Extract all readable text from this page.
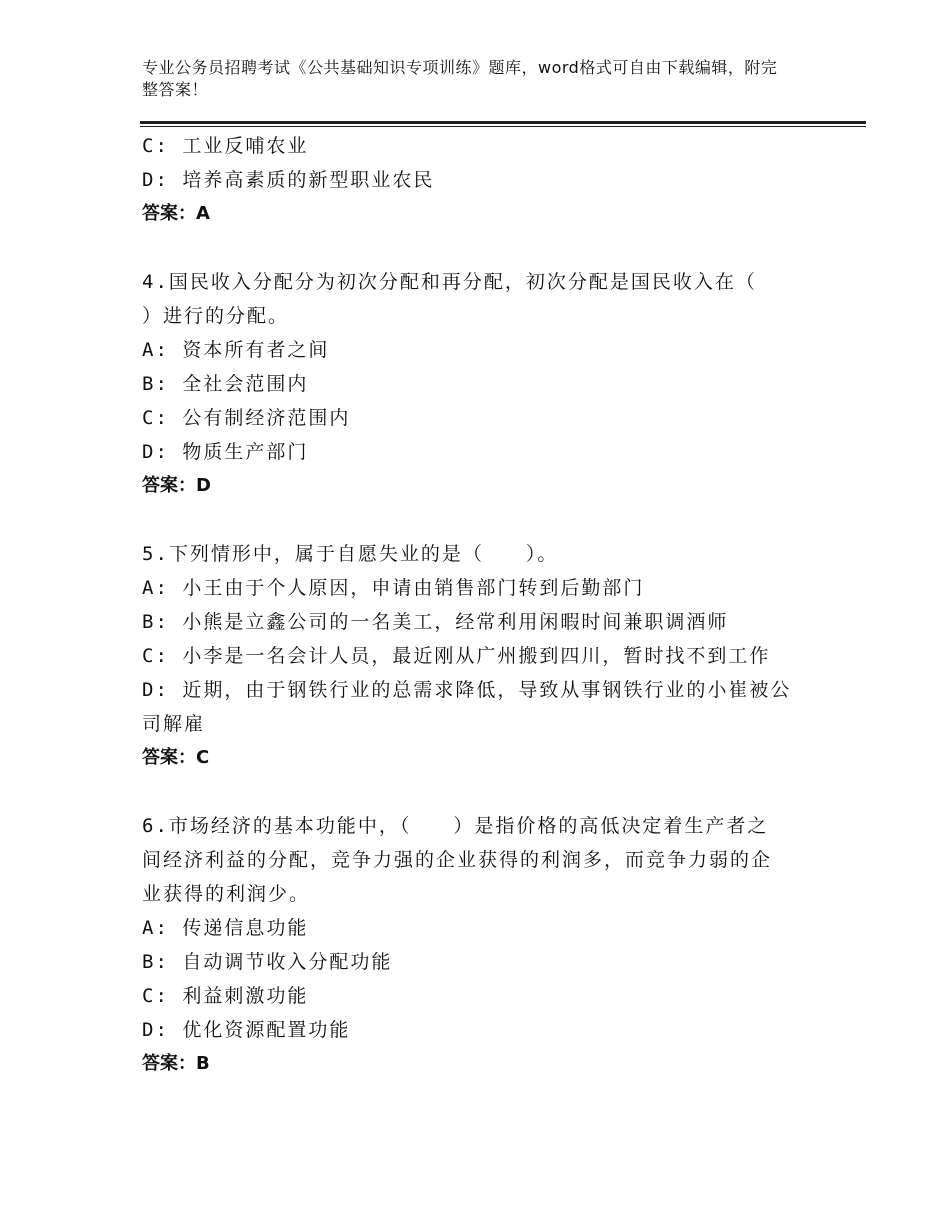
专业公务员招聘考试《公共基础知识专项训练》题库，word格式可自由下载编辑，附完整答案！
C: 工业反哺农业
D: 培养高素质的新型职业农民
答案：A
4.国民收入分配分为初次分配和再分配，初次分配是国民收入在（
）进行的分配。
A: 资本所有者之间
B: 全社会范围内
C: 公有制经济范围内
D: 物质生产部门
答案：D
5.下列情形中，属于自愿失业的是（　　）。
A: 小王由于个人原因，申请由销售部门转到后勤部门
B: 小熊是立鑫公司的一名美工，经常利用闲暇时间兼职调酒师
C: 小李是一名会计人员，最近刚从广州搬到四川，暂时找不到工作
D: 近期，由于钢铁行业的总需求降低，导致从事钢铁行业的小崔被公
司解雇
答案：C
6.市场经济的基本功能中，（　　）是指价格的高低决定着生产者之
间经济利益的分配，竞争力强的企业获得的利润多，而竞争力弱的企
业获得的利润少。
A: 传递信息功能
B: 自动调节收入分配功能
C: 利益刺激功能
D: 优化资源配置功能
答案：B
